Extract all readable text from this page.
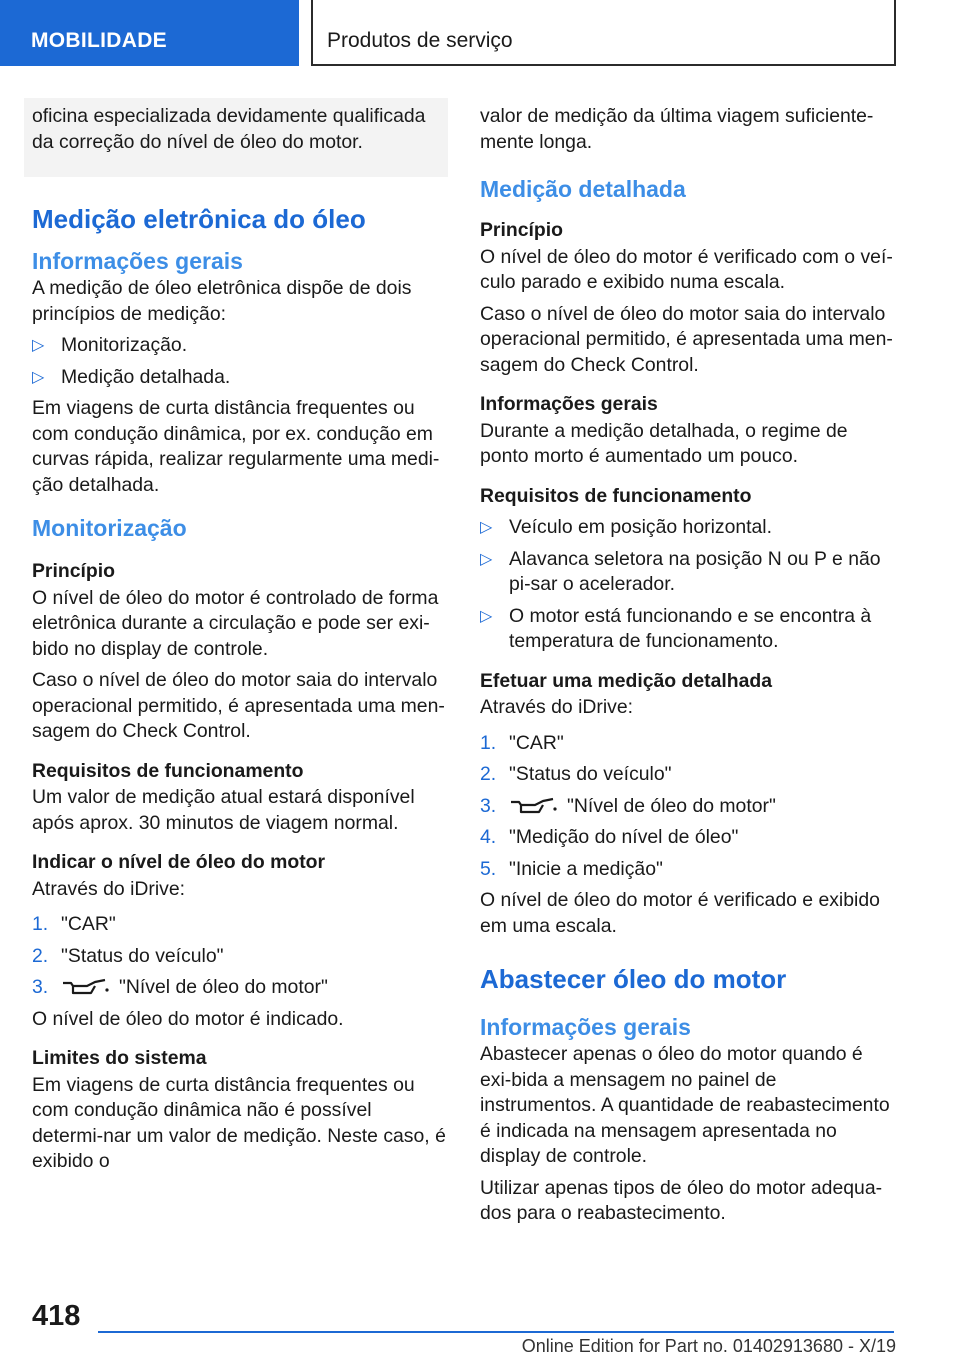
MOBILIDADE	Produtos de serviço
oficina especializada devidamente qualificada da correção do nível de óleo do motor.
Medição eletrônica do óleo
Informações gerais

A medição de óleo eletrônica dispõe de dois princípios de medição:

▷ Monitorização.
▷ Medição detalhada.

Em viagens de curta distância frequentes ou com condução dinâmica, por ex. condução em curvas rápida, realizar regularmente uma medi‐ção detalhada.

Monitorização
Princípio

O nível de óleo do motor é controlado de forma eletrônica durante a circulação e pode ser exi‐bido no display de controle.

Caso o nível de óleo do motor saia do intervalo operacional permitido, é apresentada uma men‐sagem do Check Control.

Requisitos de funcionamento

Um valor de medição atual estará disponível após aprox. 30 minutos de viagem normal.

Indicar o nível de óleo do motor

Através do iDrive:

1. "CAR"
2. "Status do veículo"
3.	"Nível de óleo do motor"

O nível de óleo do motor é indicado.

Limites do sistema

Em viagens de curta distância frequentes ou com condução dinâmica não é possível determi‐nar um valor de medição. Neste caso, é exibido o

valor de medição da última viagem suficiente‐mente longa.

Medição detalhada
Princípio

O nível de óleo do motor é verificado com o veí‐culo parado e exibido numa escala.

Caso o nível de óleo do motor saia do intervalo operacional permitido, é apresentada uma men‐sagem do Check Control.

Informações gerais

Durante a medição detalhada, o regime de ponto morto é aumentado um pouco.

Requisitos de funcionamento
▷ Veículo em posição horizontal.
▷ Alavanca seletora na posição N ou P e não pi‐sar o acelerador.
▷ O motor está funcionando e se encontra à temperatura de funcionamento.
Efetuar uma medição detalhada

Através do iDrive:

1. "CAR"
2. "Status do veículo"
3.	"Nível de óleo do motor"
4. "Medição do nível de óleo"
5. "Inicie a medição"

O nível de óleo do motor é verificado e exibido em uma escala.

Abastecer óleo do motor
Informações gerais

Abastecer apenas o óleo do motor quando é exi‐bida a mensagem no painel de instrumentos. A quantidade de reabastecimento é indicada na mensagem apresentada no display de controle.

Utilizar apenas tipos de óleo do motor adequa‐dos para o reabastecimento.

418
Online Edition for Part no. 01402913680 - X/19
